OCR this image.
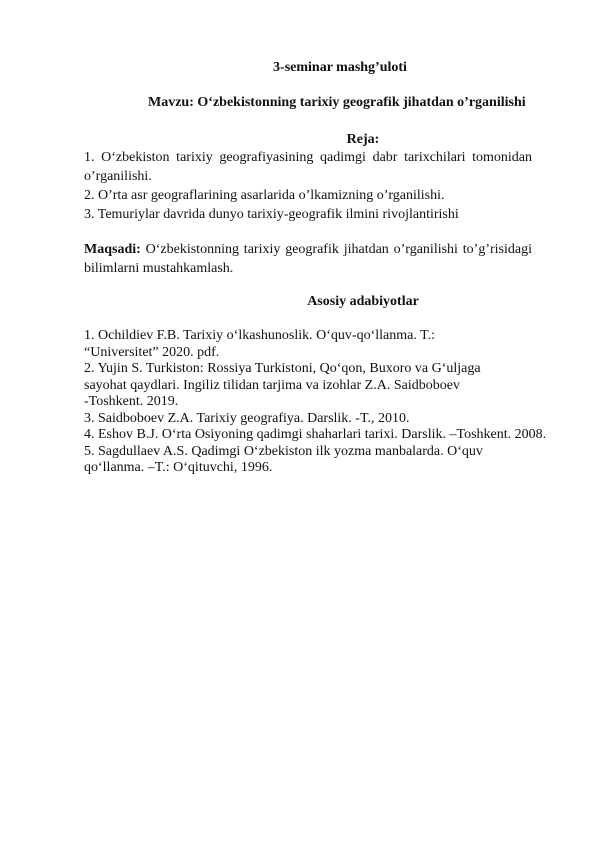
3-seminar mashg’uloti
Mavzu: O‘zbekistonning tarixiy geografik jihatdan o’rganilishi
Reja:

1. O‘zbekiston tarixiy geografiyasining qadimgi dabr tarixchilari tomonidan o’rganilishi.

2. O’rta asr geograflarining asarlarida o’lkamizning o’rganilishi.

3. Temuriylar davrida dunyo tarixiy-geografik ilmini rivojlantirishi

Maqsadi: O‘zbekistonning tarixiy geografik jihatdan o’rganilishi to’g’risidagi bilimlarni mustahkamlash.
Asosiy adabiyotlar

1. Ochildiev F.B. Tarixiy o‘lkashunoslik. O‘quv-qo‘llanma. T.:

“Universitet” 2020. pdf.

2. Yujin S. Turkiston: Rossiya Turkistoni, Qo‘qon, Buxoro va G‘uljaga

sayohat qaydlari. Ingiliz tilidan tarjima va izohlar Z.A. Saidboboev

-Toshkent. 2019.

3. Saidboboev Z.A. Tarixiy geografiya. Darslik. -T., 2010.

4. Eshov B.J. O‘rta Osiyoning qadimgi shaharlari tarixi. Darslik. –Toshkent. 2008.

5. Sagdullaev A.S. Qadimgi O‘zbekiston ilk yozma manbalarda. O‘quv

qo‘llanma. –T.: O‘qituvchi, 1996.
